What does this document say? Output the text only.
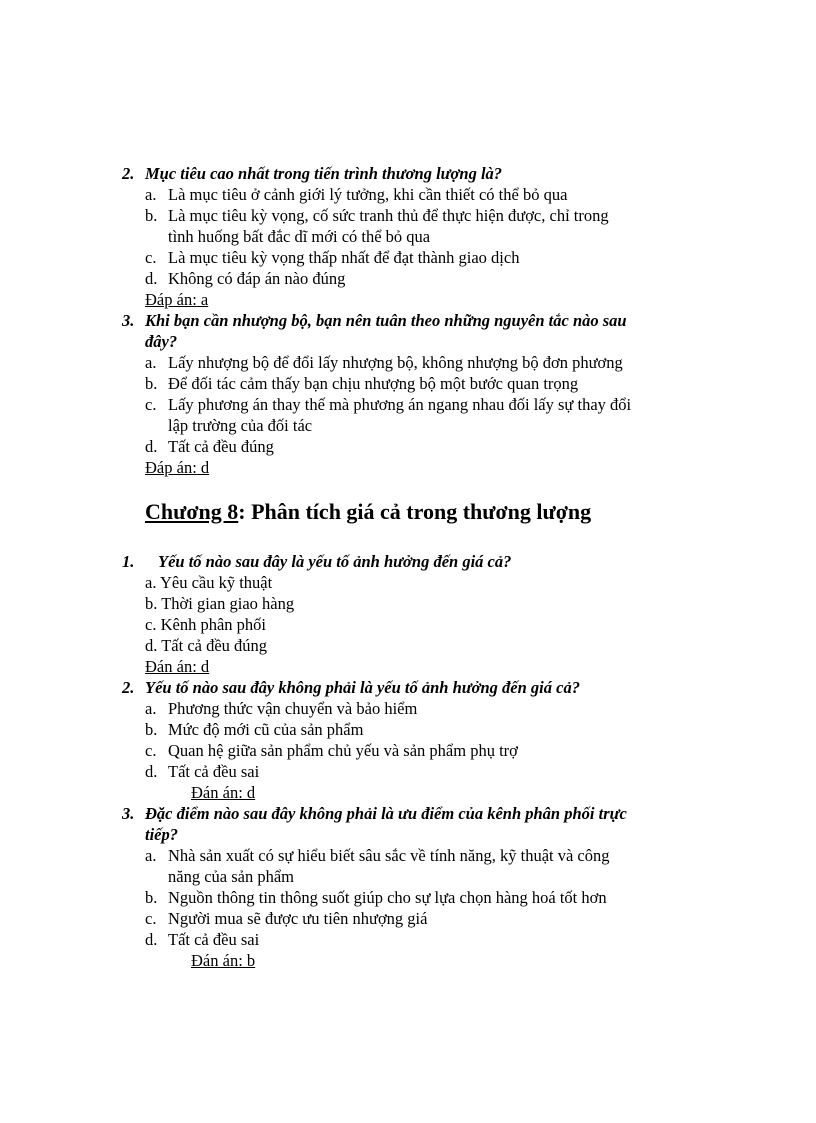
2. Mục tiêu cao nhất trong tiến trình thương lượng là?
a. Là mục tiêu ở cảnh giới lý tưởng, khi cần thiết có thể bỏ qua
b. Là mục tiêu kỳ vọng, cố sức tranh thủ để thực hiện được, chỉ trong
tình huống bất đắc dĩ mới có thể bỏ qua
c. Là mục tiêu kỳ vọng thấp nhất để đạt thành giao dịch
d. Không có đáp án nào đúng
Đáp án: a
3. Khi bạn cần nhượng bộ, bạn nên tuân theo những nguyên tắc nào sau
đây?
a. Lấy nhượng bộ để đổi lấy nhượng bộ, không nhượng bộ đơn phương
b. Để đối tác cảm thấy bạn chịu nhượng bộ một bước quan trọng
c. Lấy phương án thay thế mà phương án ngang nhau đối lấy sự thay đổi
lập trường của đối tác
d. Tất cả đều đúng
Đáp án: d
Chương 8: Phân tích giá cả trong thương lượng
1. Yếu tố nào sau đây là yếu tố ảnh hưởng đến giá cả?
a. Yêu cầu kỹ thuật
b. Thời gian giao hàng
c. Kênh phân phối
d. Tất cả đều đúng
Đán án: d
2. Yếu tố nào sau đây không phải là yếu tố ảnh hưởng đến giá cả?
a. Phương thức vận chuyển và bảo hiểm
b. Mức độ mới cũ của sản phẩm
c. Quan hệ giữa sản phẩm chủ yếu và sản phẩm phụ trợ
d. Tất cả đều sai
Đán án: d
3. Đặc điểm nào sau đây không phải là ưu điểm của kênh phân phối trực
tiếp?
a. Nhà sản xuất có sự hiểu biết sâu sắc về tính năng, kỹ thuật và công
năng của sản phẩm
b. Nguồn thông tin thông suốt giúp cho sự lựa chọn hàng hoá tốt hơn
c. Người mua sẽ được ưu tiên nhượng giá
d. Tất cả đều sai
Đán án: b
